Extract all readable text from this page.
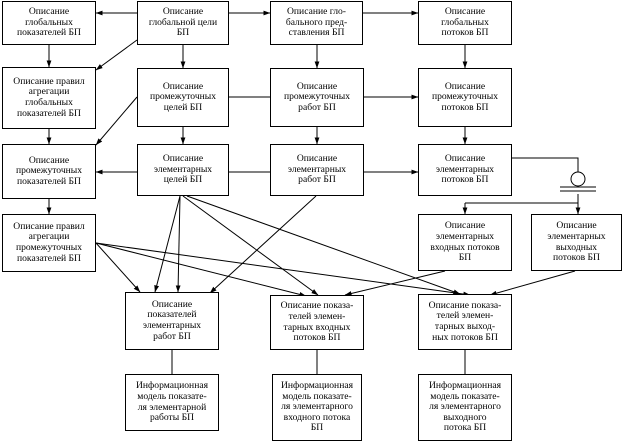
Описание
глобальных
показателей БП
Описание
глобальной цели
БП
Описание гло-
бального пред-
ставления БП
Описание
глобальных
потоков БП
Описание правил
агрегации
глобальных
показателей БП
Описание
промежуточных
целей БП
Описание
промежуточных
работ БП
Описание
промежуточных
потоков БП
Описание
промежуточных
показателей БП
Описание
элементарных
целей БП
Описание
элементарных
работ БП
Описание
элементарных
потоков БП
Описание правил
агрегации
промежуточных
показателей БП
Описание
элементарных
входных потоков
БП
Описание
элементарных
выходных
потоков БП
Описание
показателей
элементарных
работ БП
Описание показа-
телей элемен-
тарных входных
потоков БП
Описание показа-
телей элемен-
тарных выход-
ных потоков БП
Информационная
модель показате-
ля элементарной
работы БП
Информационная
модель показате-
ля элементарного
входного потока
БП
Информационная
модель показате-
ля элементарного
выходного
потока БП
